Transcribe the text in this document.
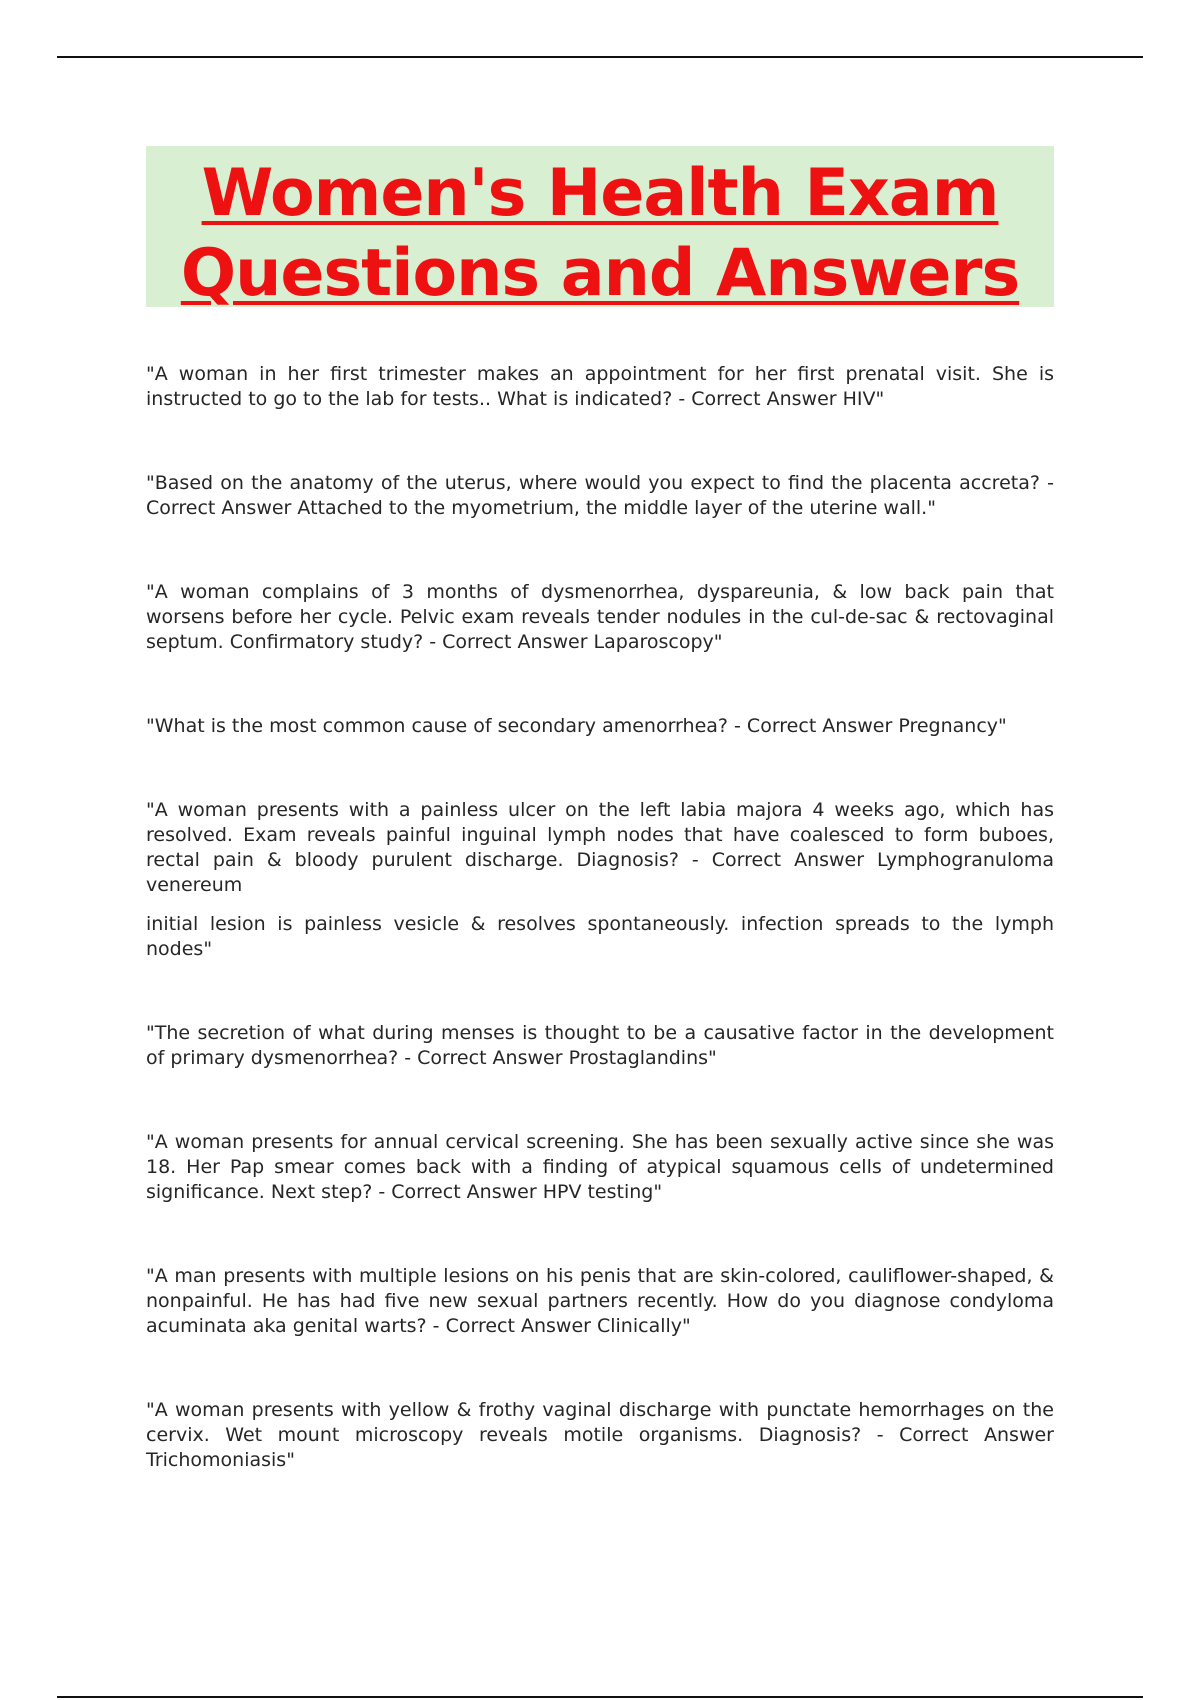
Women's Health Exam
Questions and Answers

"A woman in her first trimester makes an appointment for her first prenatal visit. She is instructed to go to the lab for tests.. What is indicated? - Correct Answer HIV"

"Based on the anatomy of the uterus, where would you expect to find the placenta accreta? - Correct Answer Attached to the myometrium, the middle layer of the uterine wall."

"A woman complains of 3 months of dysmenorrhea, dyspareunia, & low back pain that worsens before her cycle. Pelvic exam reveals tender nodules in the cul-de-sac & rectovaginal septum. Confirmatory study? - Correct Answer Laparoscopy"

"What is the most common cause of secondary amenorrhea? - Correct Answer Pregnancy"

"A woman presents with a painless ulcer on the left labia majora 4 weeks ago, which has resolved. Exam reveals painful inguinal lymph nodes that have coalesced to form buboes, rectal pain & bloody purulent discharge. Diagnosis? - Correct Answer Lymphogranuloma venereum

initial lesion is painless vesicle & resolves spontaneously. infection spreads to the lymph nodes"

"The secretion of what during menses is thought to be a causative factor in the development of primary dysmenorrhea? - Correct Answer Prostaglandins"

"A woman presents for annual cervical screening. She has been sexually active since she was 18. Her Pap smear comes back with a finding of atypical squamous cells of undetermined significance. Next step? - Correct Answer HPV testing"

"A man presents with multiple lesions on his penis that are skin-colored, cauliflower-shaped, & nonpainful. He has had five new sexual partners recently. How do you diagnose condyloma acuminata aka genital warts? - Correct Answer Clinically"

"A woman presents with yellow & frothy vaginal discharge with punctate hemorrhages on the cervix. Wet mount microscopy reveals motile organisms. Diagnosis? - Correct Answer Trichomoniasis"
